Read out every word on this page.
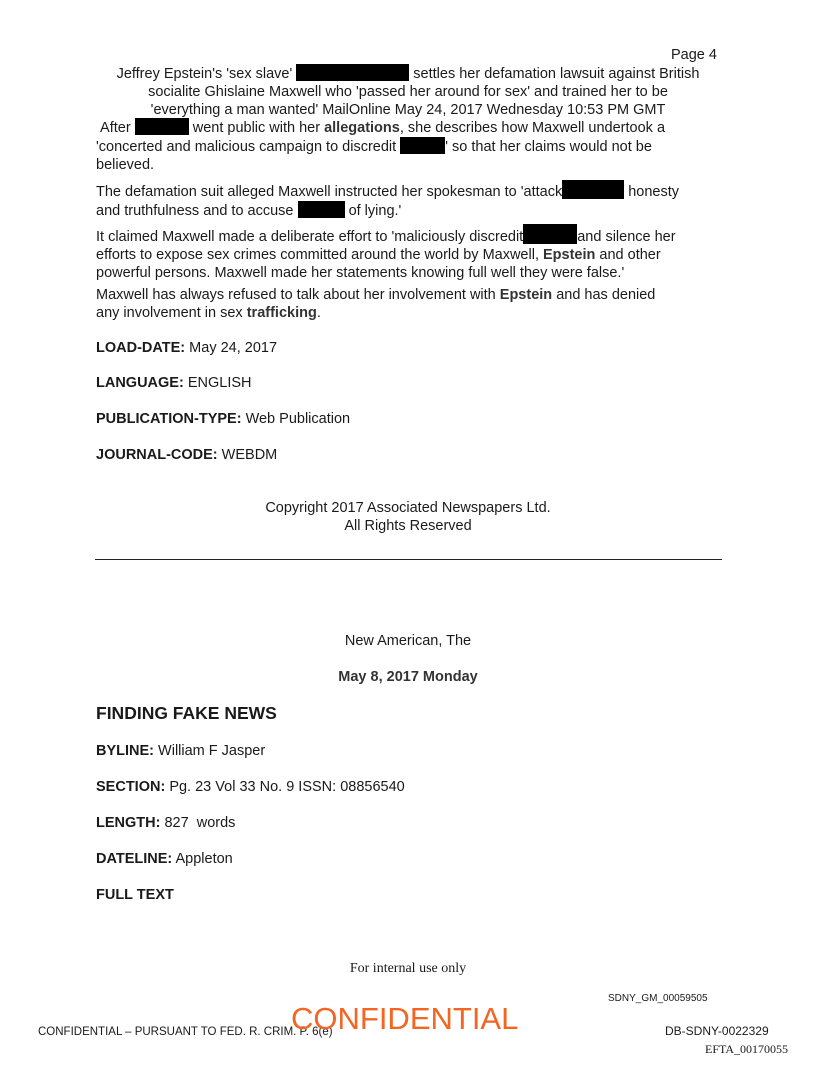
Page 4
Jeffrey Epstein's 'sex slave'	settles her defamation lawsuit against British
socialite Ghislaine Maxwell who 'passed her around for sex' and trained her to be
'everything a man wanted' MailOnline May 24, 2017 Wednesday 10:53 PM GMT
After	went public with her allegations, she describes how Maxwell undertook a
'concerted and malicious campaign to discredit	' so that her claims would not be
believed.
The defamation suit alleged Maxwell instructed her spokesman to 'attack	honesty
and truthfulness and to accuse	of lying.'
It claimed Maxwell made a deliberate effort to 'maliciously discredit	and silence her
efforts to expose sex crimes committed around the world by Maxwell, Epstein and other
powerful persons. Maxwell made her statements knowing full well they were false.'
Maxwell has always refused to talk about her involvement with Epstein and has denied
any involvement in sex trafficking.
LOAD-DATE: May 24, 2017
LANGUAGE: ENGLISH
PUBLICATION-TYPE: Web Publication
JOURNAL-CODE: WEBDM
Copyright 2017 Associated Newspapers Ltd.
All Rights Reserved
New American, The
May 8, 2017 Monday
FINDING FAKE NEWS
BYLINE: William F Jasper
SECTION: Pg. 23 Vol 33 No. 9 ISSN: 08856540
LENGTH: 827  words
DATELINE: Appleton
FULL TEXT
For internal use only
SDNY_GM_00059505
CONFIDENTIAL – PURSUANT TO FED. R. CRIM. P. 6(e)
CONFIDENTIAL	DB-SDNY-0022329
EFTA_00170055
